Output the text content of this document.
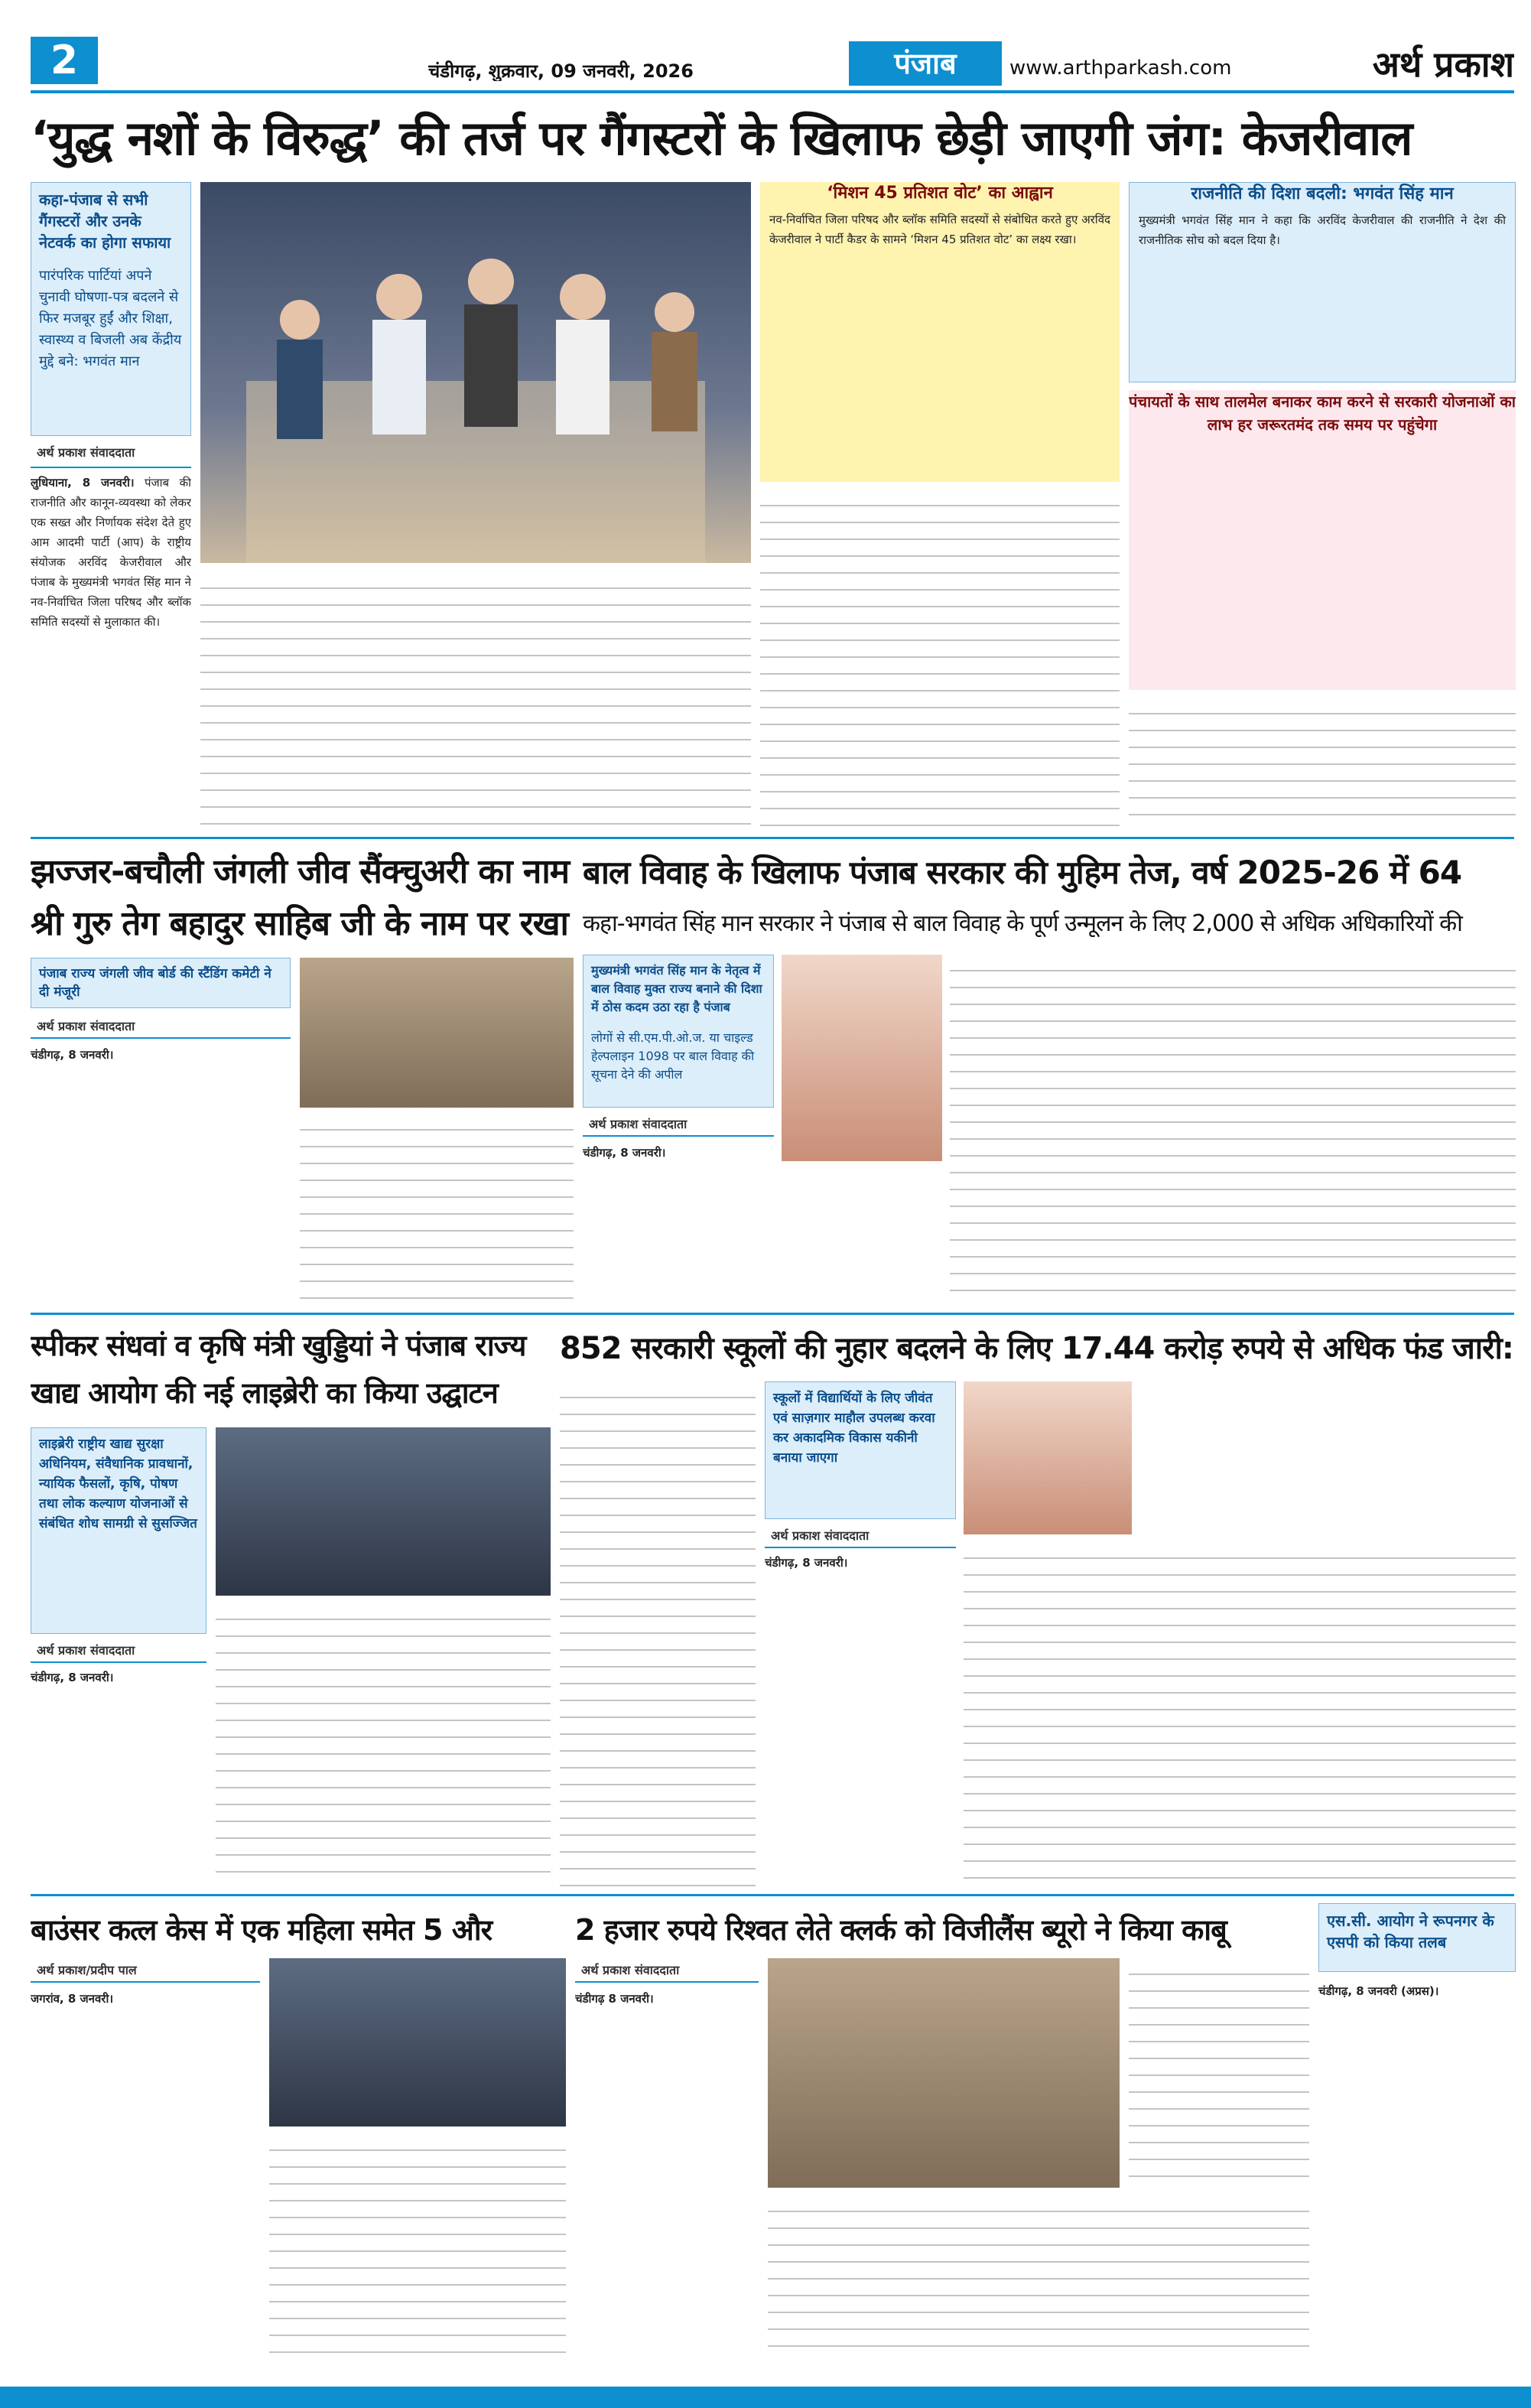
2	चंडीगढ़, शुक्रवार, 09 जनवरी, 2026	पंजाब	www.arthparkash.com	अर्थ प्रकाश
‘युद्ध नशों के विरुद्ध’ की तर्ज पर गैंगस्टरों के खिलाफ छेड़ी जाएगी जंग: केजरीवाल
कहा-पंजाब से सभी गैंगस्टरों और उनके नेटवर्क का होगा सफाया
पारंपरिक पार्टियां अपने चुनावी घोषणा-पत्र बदलने से फिर मजबूर हुईं और शिक्षा, स्वास्थ्य व बिजली अब केंद्रीय मुद्दे बने: भगवंत मान
अर्थ प्रकाश संवाददाता
लुधियाना, 8 जनवरी। पंजाब की राजनीति और कानून-व्यवस्था को लेकर एक सख्त और निर्णायक संदेश देते हुए आम आदमी पार्टी (आप) के राष्ट्रीय संयोजक अरविंद केजरीवाल और पंजाब के मुख्यमंत्री भगवंत सिंह मान ने नव-निर्वाचित जिला परिषद और ब्लॉक समिति सदस्यों से मुलाकात की।
‘मिशन 45 प्रतिशत वोट’ का आह्वान
नव-निर्वाचित जिला परिषद और ब्लॉक समिति सदस्यों से संबोधित करते हुए अरविंद केजरीवाल ने पार्टी कैडर के सामने ‘मिशन 45 प्रतिशत वोट’ का लक्ष्य रखा।
राजनीति की दिशा बदली: भगवंत सिंह मान
मुख्यमंत्री भगवंत सिंह मान ने कहा कि अरविंद केजरीवाल की राजनीति ने देश की राजनीतिक सोच को बदल दिया है।
पंचायतों के साथ तालमेल बनाकर काम करने से सरकारी योजनाओं का लाभ हर जरूरतमंद तक समय पर पहुंचेगा
झज्जर-बचौली जंगली जीव सैंक्चुअरी का नाम श्री गुरु तेग बहादुर साहिब जी के नाम पर रखा
पंजाब राज्य जंगली जीव बोर्ड की स्टैंडिंग कमेटी ने दी मंजूरी
अर्थ प्रकाश संवाददाता
चंडीगढ़, 8 जनवरी।
बाल विवाह के खिलाफ पंजाब सरकार की मुहिम तेज, वर्ष 2025-26 में 64
कहा-भगवंत सिंह मान सरकार ने पंजाब से बाल विवाह के पूर्ण उन्मूलन के लिए 2,000 से अधिक अधिकारियों की
मुख्यमंत्री भगवंत सिंह मान के नेतृत्व में बाल विवाह मुक्त राज्य बनाने की दिशा में ठोस कदम उठा रहा है पंजाब
लोगों से सी.एम.पी.ओ.ज. या चाइल्ड हेल्पलाइन 1098 पर बाल विवाह की सूचना देने की अपील
अर्थ प्रकाश संवाददाता
चंडीगढ़, 8 जनवरी।
स्पीकर संधवां व कृषि मंत्री खुड्डियां ने पंजाब राज्य खाद्य आयोग की नई लाइब्रेरी का किया उद्घाटन
लाइब्रेरी राष्ट्रीय खाद्य सुरक्षा अधिनियम, संवैधानिक प्रावधानों, न्यायिक फैसलों, कृषि, पोषण तथा लोक कल्याण योजनाओं से संबंधित शोध सामग्री से सुसज्जित
अर्थ प्रकाश संवाददाता
चंडीगढ़, 8 जनवरी।
852 सरकारी स्कूलों की नुहार बदलने के लिए 17.44 करोड़ रुपये से अधिक फंड जारी:
स्कूलों में विद्यार्थियों के लिए जीवंत एवं साज़गार माहौल उपलब्ध करवा कर अकादमिक विकास यकीनी बनाया जाएगा
अर्थ प्रकाश संवाददाता
चंडीगढ़, 8 जनवरी।
बाउंसर कत्ल केस में एक महिला समेत 5 और
अर्थ प्रकाश/प्रदीप पाल
जगरांव, 8 जनवरी।
2 हजार रुपये रिश्वत लेते क्लर्क को विजीलैंस ब्यूरो ने किया काबू
अर्थ प्रकाश संवाददाता
चंडीगढ़ 8 जनवरी।
एस.सी. आयोग ने रूपनगर के एसपी को किया तलब
चंडीगढ़, 8 जनवरी (अप्रस)।
